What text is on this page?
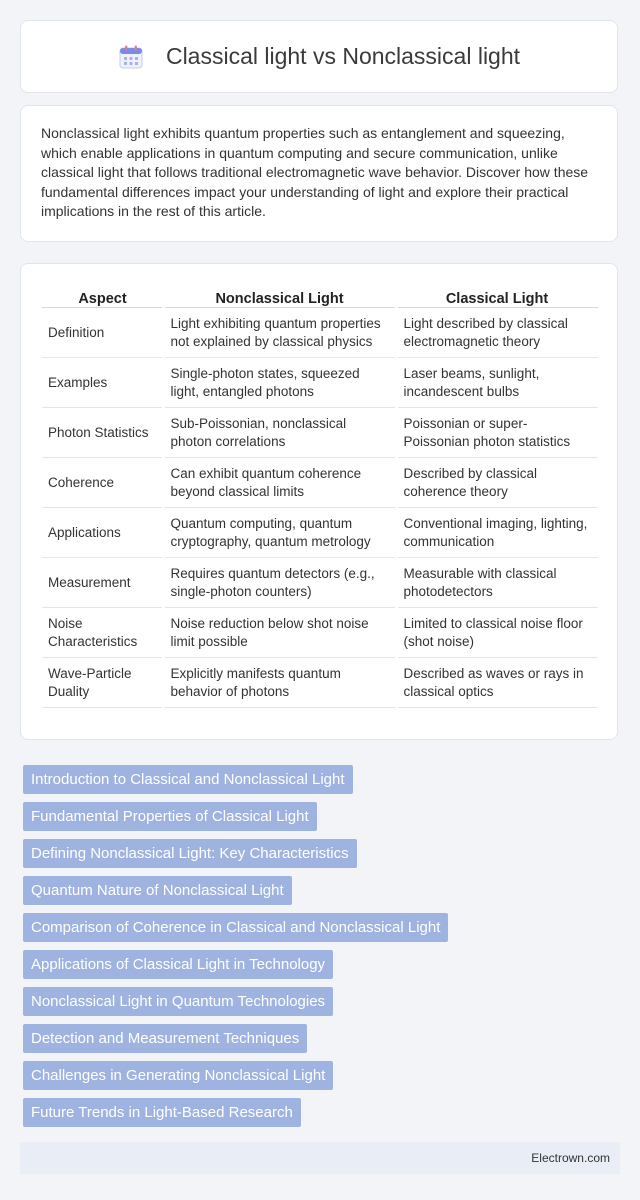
Classical light vs Nonclassical light

Nonclassical light exhibits quantum properties such as entanglement and squeezing, which enable applications in quantum computing and secure communication, unlike classical light that follows traditional electromagnetic wave behavior. Discover how these fundamental differences impact your understanding of light and explore their practical implications in the rest of this article.

Aspect	Nonclassical Light	Classical Light
Definition	Light exhibiting quantum properties not explained by classical physics	Light described by classical electromagnetic theory
Examples	Single-photon states, squeezed light, entangled photons	Laser beams, sunlight, incandescent bulbs
Photon Statistics	Sub-Poissonian, nonclassical photon correlations	Poissonian or super-Poissonian photon statistics
Coherence	Can exhibit quantum coherence beyond classical limits	Described by classical coherence theory
Applications	Quantum computing, quantum cryptography, quantum metrology	Conventional imaging, lighting, communication
Measurement	Requires quantum detectors (e.g., single-photon counters)	Measurable with classical photodetectors
Noise Characteristics	Noise reduction below shot noise limit possible	Limited to classical noise floor (shot noise)
Wave-Particle Duality	Explicitly manifests quantum behavior of photons	Described as waves or rays in classical optics
Introduction to Classical and Nonclassical Light
Fundamental Properties of Classical Light
Defining Nonclassical Light: Key Characteristics
Quantum Nature of Nonclassical Light
Comparison of Coherence in Classical and Nonclassical Light
Applications of Classical Light in Technology
Nonclassical Light in Quantum Technologies
Detection and Measurement Techniques
Challenges in Generating Nonclassical Light
Future Trends in Light-Based Research
Electrown.com
